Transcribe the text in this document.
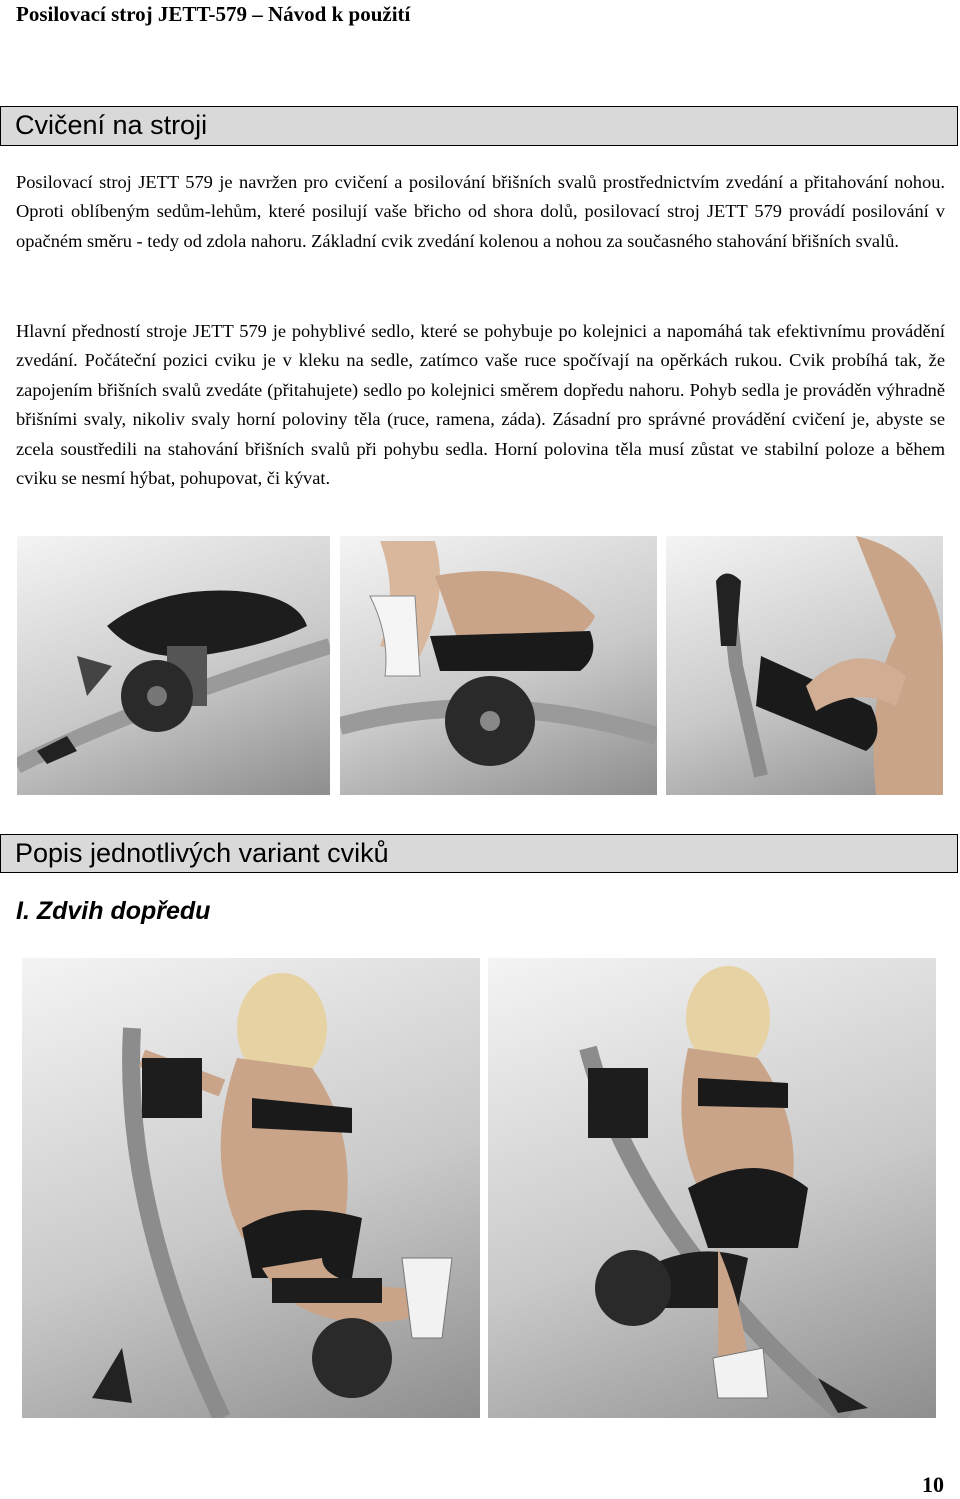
Posilovací stroj JETT-579 – Návod k použití
Cvičení na stroji

Posilovací stroj JETT 579 je navržen pro cvičení a posilování břišních svalů prostřednictvím zvedání a přitahování nohou. Oproti oblíbeným sedům-lehům, které posilují vaše břicho od shora dolů, posilovací stroj JETT 579 provádí posilování v opačném směru - tedy od zdola nahoru. Základní cvik zvedání kolenou a nohou za současného stahování břišních svalů.

Hlavní předností stroje JETT 579 je pohyblivé sedlo, které se pohybuje po kolejnici a napomáhá tak efektivnímu provádění zvedání. Počáteční pozici cviku je v kleku na sedle, zatímco vaše ruce spočívají na opěrkách rukou. Cvik probíhá tak, že zapojením břišních svalů zvedáte (přitahujete) sedlo po kolejnici směrem dopředu nahoru. Pohyb sedla je prováděn výhradně břišními svaly, nikoliv svaly horní poloviny těla (ruce, ramena, záda). Zásadní pro správné provádění cvičení je, abyste se zcela soustředili na stahování břišních svalů při pohybu sedla. Horní polovina těla musí zůstat ve stabilní poloze a během cviku se nesmí hýbat, pohupovat, či kývat.

Popis jednotlivých variant cviků
I. Zdvih dopředu
10
